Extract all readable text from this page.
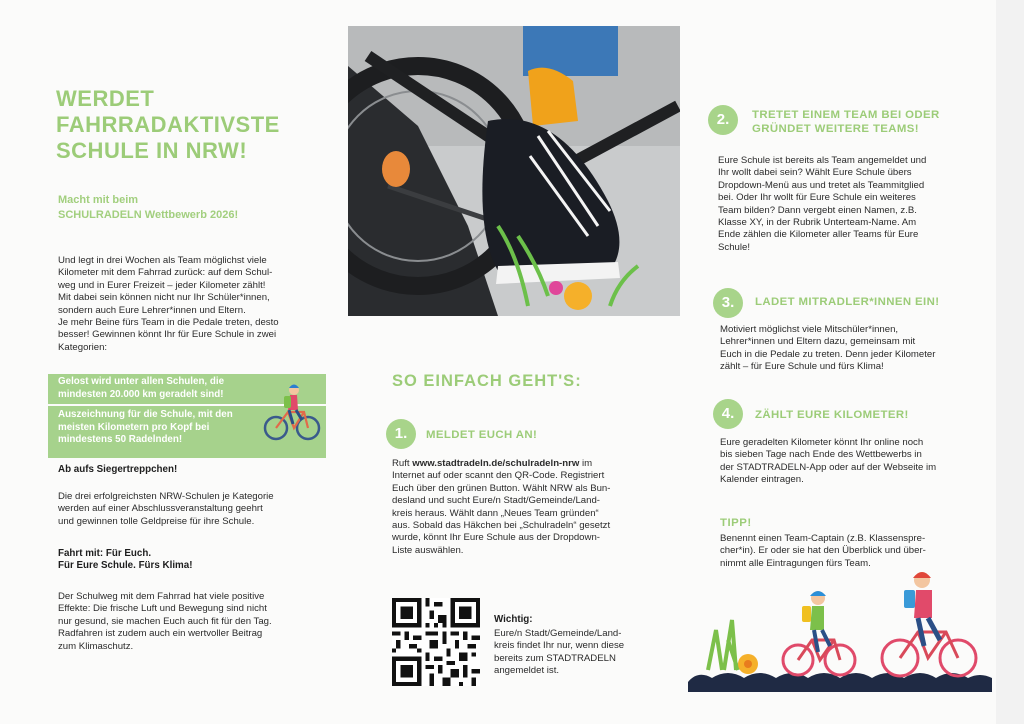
WERDET
FAHRRADAKTIVSTE
SCHULE IN NRW!
Macht mit beim
SCHULRADELN Wettbewerb 2026!
Und legt in drei Wochen als Team möglichst viele
Kilometer mit dem Fahrrad zurück: auf dem Schul-
weg und in Eurer Freizeit – jeder Kilometer zählt!
Mit dabei sein können nicht nur Ihr Schüler*innen,
sondern auch Eure Lehrer*innen und Eltern.
Je mehr Beine fürs Team in die Pedale treten, desto
besser! Gewinnen könnt Ihr für Eure Schule in zwei
Kategorien:
Gelost wird unter allen Schulen, die
mindesten 20.000 km geradelt sind!
Auszeichnung für die Schule, mit den
meisten Kilometern pro Kopf bei
mindestens 50 Radelnden!
Ab aufs Siegertreppchen!
Die drei erfolgreichsten NRW-Schulen je Kategorie
werden auf einer Abschlussveranstaltung geehrt
und gewinnen tolle Geldpreise für ihre Schule.
Fahrt mit: Für Euch.
Für Eure Schule. Fürs Klima!
Der Schulweg mit dem Fahrrad hat viele positive
Effekte: Die frische Luft und Bewegung sind nicht
nur gesund, sie machen Euch auch fit für den Tag.
Radfahren ist zudem auch ein wertvoller Beitrag
zum Klimaschutz.
SO EINFACH GEHT'S:
1.	MELDET EUCH AN!
Ruft www.stadtradeln.de/schulradeln-nrw im
Internet auf oder scannt den QR-Code. Registriert
Euch über den grünen Button. Wählt NRW als Bun-
desland und sucht Eure/n Stadt/Gemeinde/Land-
kreis heraus. Wählt dann „Neues Team gründen“
aus. Sobald das Häkchen bei „Schulradeln“ gesetzt
wurde, könnt Ihr Eure Schule aus der Dropdown-
Liste auswählen.
Wichtig:
Eure/n Stadt/Gemeinde/Land-
kreis findet Ihr nur, wenn diese
bereits zum STADTRADELN
angemeldet ist.
2.	TRETET EINEM TEAM BEI ODER
GRÜNDET WEITERE TEAMS!
Eure Schule ist bereits als Team angemeldet und
Ihr wollt dabei sein? Wählt Eure Schule übers
Dropdown-Menü aus und tretet als Teammitglied
bei. Oder Ihr wollt für Eure Schule ein weiteres
Team bilden? Dann vergebt einen Namen, z.B.
Klasse XY, in der Rubrik Unterteam-Name. Am
Ende zählen die Kilometer aller Teams für Eure
Schule!
3.	LADET MITRADLER*INNEN EIN!
Motiviert möglichst viele Mitschüler*innen,
Lehrer*innen und Eltern dazu, gemeinsam mit
Euch in die Pedale zu treten. Denn jeder Kilometer
zählt – für Eure Schule und fürs Klima!
4.	ZÄHLT EURE KILOMETER!
Eure geradelten Kilometer könnt Ihr online noch
bis sieben Tage nach Ende des Wettbewerbs in
der STADTRADELN-App oder auf der Webseite im
Kalender eintragen.
TIPP!
Benennt einen Team-Captain (z.B. Klassenspre-
cher*in). Er oder sie hat den Überblick und über-
nimmt alle Eintragungen fürs Team.
